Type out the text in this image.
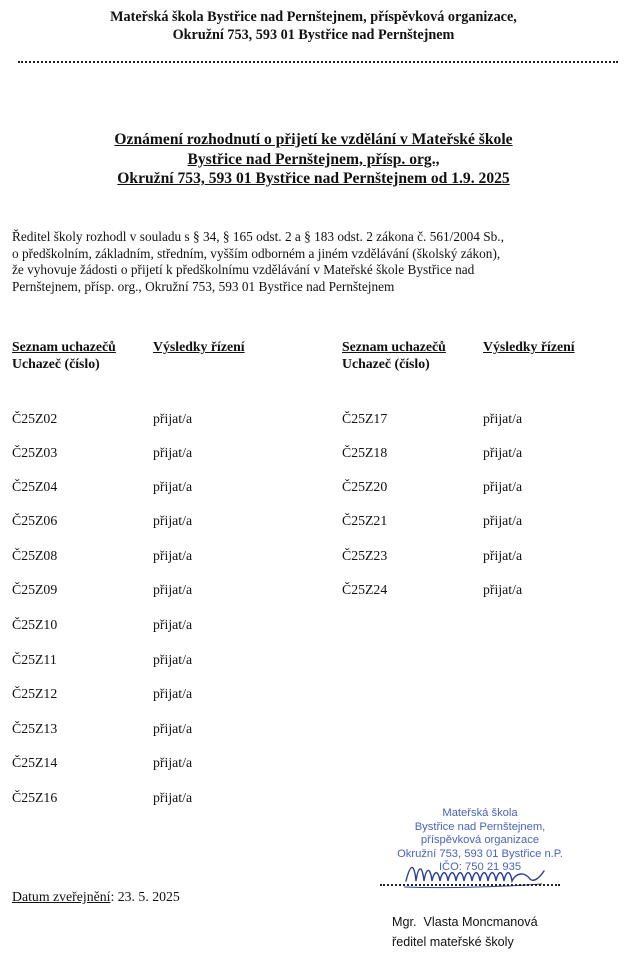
Mateřská škola Bystřice nad Pernštejnem, příspěvková organizace,
Okružní 753, 593 01 Bystřice nad Pernštejnem
Oznámení rozhodnutí o přijetí ke vzdělání v Mateřské škole
Bystřice nad Pernštejnem, přísp. org.,
Okružní 753, 593 01 Bystřice nad Pernštejnem od 1.9. 2025
Ředitel školy rozhodl v souladu s § 34, § 165 odst. 2 a § 183 odst. 2 zákona č. 561/2004 Sb.,
o předškolním, základním, středním, vyšším odborném a jiném vzdělávání (školský zákon),
že vyhovuje žádosti o přijetí k předškolnímu vzdělávání v Mateřské škole Bystřice nad
Pernštejnem, přísp. org., Okružní 753, 593 01 Bystřice nad Pernštejnem
Seznam uchazečů
Uchazeč (číslo)
Výsledky řízení	Seznam uchazečů
Uchazeč (číslo)
Výsledky řízení
Č25Z02	přijat/a
Č25Z03	přijat/a
Č25Z04	přijat/a
Č25Z06	přijat/a
Č25Z08	přijat/a
Č25Z09	přijat/a
Č25Z10	přijat/a
Č25Z11	přijat/a
Č25Z12	přijat/a
Č25Z13	přijat/a
Č25Z14	přijat/a
Č25Z16	přijat/a
Č25Z17	přijat/a
Č25Z18	přijat/a
Č25Z20	přijat/a
Č25Z21	přijat/a
Č25Z23	přijat/a
Č25Z24	přijat/a
Mateřská škola
Bystřice nad Pernštejnem,
příspěvková organizace
Okružní 753, 593 01 Bystřice n.P.
IČO: 750 21 935
Datum zveřejnění: 23. 5. 2025
Mgr.  Vlasta Moncmanová
ředitel mateřské školy
